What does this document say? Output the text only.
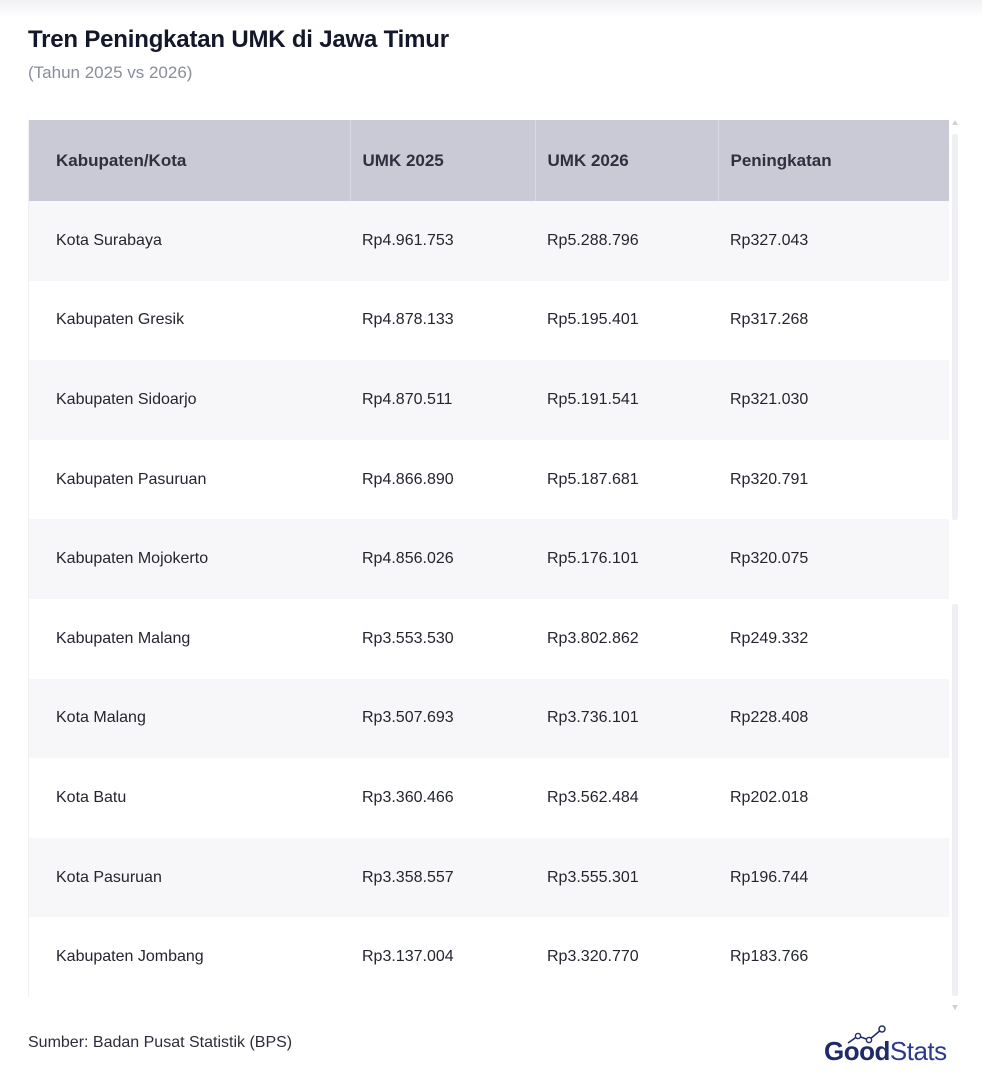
Tren Peningkatan UMK di Jawa Timur
(Tahun 2025 vs 2026)
Kabupaten/Kota	UMK 2025	UMK 2026	Peningkatan
Kota Surabaya	Rp4.961.753	Rp5.288.796	Rp327.043
Kabupaten Gresik	Rp4.878.133	Rp5.195.401	Rp317.268
Kabupaten Sidoarjo	Rp4.870.511	Rp5.191.541	Rp321.030
Kabupaten Pasuruan	Rp4.866.890	Rp5.187.681	Rp320.791
Kabupaten Mojokerto	Rp4.856.026	Rp5.176.101	Rp320.075
Kabupaten Malang	Rp3.553.530	Rp3.802.862	Rp249.332
Kota Malang	Rp3.507.693	Rp3.736.101	Rp228.408
Kota Batu	Rp3.360.466	Rp3.562.484	Rp202.018
Kota Pasuruan	Rp3.358.557	Rp3.555.301	Rp196.744
Kabupaten Jombang	Rp3.137.004	Rp3.320.770	Rp183.766
Sumber: Badan Pusat Statistik (BPS)	GoodStats
